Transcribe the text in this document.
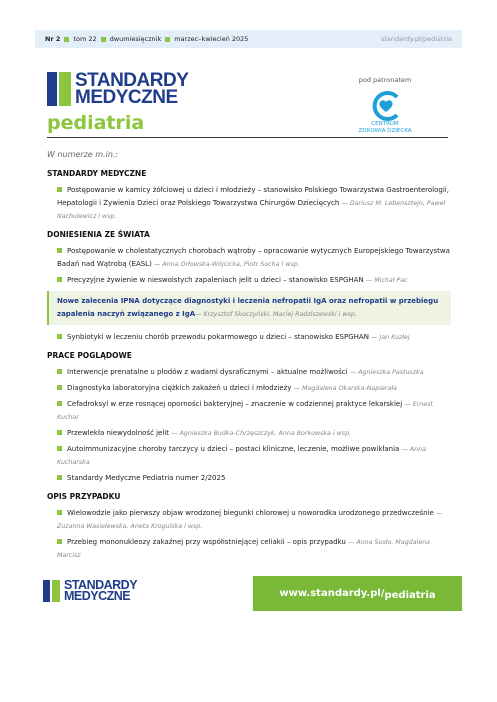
Nr 2 tom 22 dwumiesięcznik marzec–kwiecień 2025	standardy.pl/pediatria
STANDARDY
MEDYCZNE
pediatria
pod patronatem
CENTRUM
ZDROWIA DZIECKA
W numerze m.in.:
STANDARDY MEDYCZNE
Postępowanie w kamicy żółciowej u dzieci i młodzieży – stanowisko Polskiego Towarzystwa Gastroenterologii, Hepatologii i Żywienia Dzieci oraz Polskiego Towarzystwa Chirurgów Dziecięcych — Dariusz M. Lebensztejn, Paweł Nachulewicz i wsp.
DONIESIENIA ZE ŚWIATA
Postępowanie w cholestatycznych chorobach wątroby – opracowanie wytycznych Europejskiego Towarzystwa Badań nad Wątrobą (EASL) — Anna Orłowska-Wójcicka, Piotr Socha i wsp.
Precyzyjne żywienie w nieswoistych zapaleniach jelit u dzieci – stanowisko ESPGHAN — Michał Pac
Nowe zalecenia IPNA dotyczące diagnostyki i leczenia nefropatii IgA oraz nefropatii w przebiegu zapalenia naczyń związanego z IgA— Krzysztof Skoczyński, Maciej Radziszewski i wsp.
Synbiotyki w leczeniu chorób przewodu pokarmowego u dzieci – stanowisko ESPGHAN — Jan Kozłej
PRACE POGLĄDOWE
Interwencje prenatalne u płodów z wadami dysrafícznymi – aktualne możliwości — Agnieszka Pastuszka
Diagnostyka laboratoryjna ciężkich zakażeń u dzieci i młodzieży — Magdalena Okarska-Napierała
Cefadroksyl w erze rosnącej oporności bakteryjnej – znaczenie w codziennej praktyce lekarskiej — Ernest Kuchar
Przewlekła niewydolność jelit — Agnieszka Budka-Chrzęszczyk, Anna Borkowska i wsp.
Autoimmunizacyjne choroby tarczycy u dzieci – postaci kliniczne, leczenie, możliwe powikłania — Anna Kucharska
Standardy Medyczne Pediatria numer 2/2025
OPIS PRZYPADKU
Wielowodzie jako pierwszy objaw wrodzonej biegunki chlorowej u noworodka urodzonego przedwcześnie — Zuzanna Wasielewska, Aneta Krogulska i wsp.
Przebieg mononukleozy zakaźnej przy współistniejącej celiakii – opis przypadku — Anna Susło, Magdalena Marcisz
STANDARDY
MEDYCZNE	www.standardy.pl/ pediatria
